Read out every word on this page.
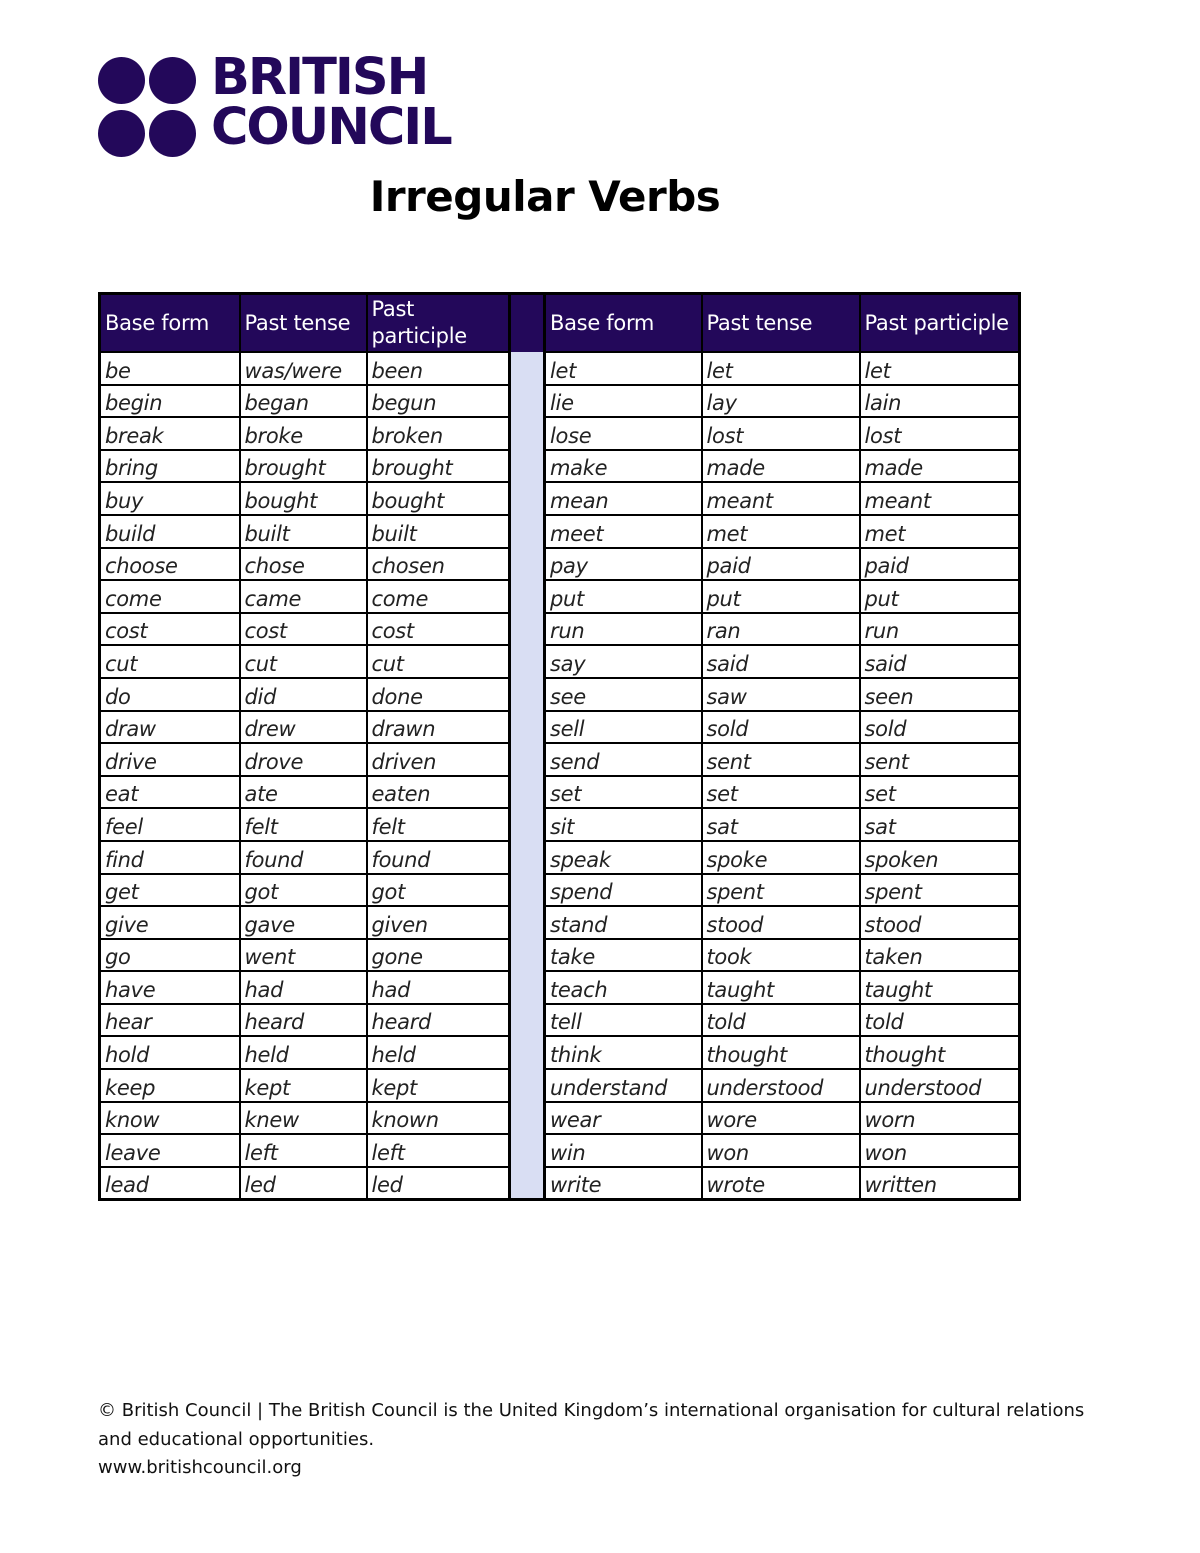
BRITISH
COUNCIL
Irregular Verbs
Base form	Past tense	Past participle		Base form	Past tense	Past participle
be	was/were	been		let	let	let
begin	began	begun		lie	lay	lain
break	broke	broken		lose	lost	lost
bring	brought	brought		make	made	made
buy	bought	bought		mean	meant	meant
build	built	built		meet	met	met
choose	chose	chosen		pay	paid	paid
come	came	come		put	put	put
cost	cost	cost		run	ran	run
cut	cut	cut		say	said	said
do	did	done		see	saw	seen
draw	drew	drawn		sell	sold	sold
drive	drove	driven		send	sent	sent
eat	ate	eaten		set	set	set
feel	felt	felt		sit	sat	sat
find	found	found		speak	spoke	spoken
get	got	got		spend	spent	spent
give	gave	given		stand	stood	stood
go	went	gone		take	took	taken
have	had	had		teach	taught	taught
hear	heard	heard		tell	told	told
hold	held	held		think	thought	thought
keep	kept	kept		understand	understood	understood
know	knew	known		wear	wore	worn
leave	left	left		win	won	won
lead	led	led		write	wrote	written

© British Council | The British Council is the United Kingdom’s international organisation for cultural relations and educational opportunities.

www.britishcouncil.org
